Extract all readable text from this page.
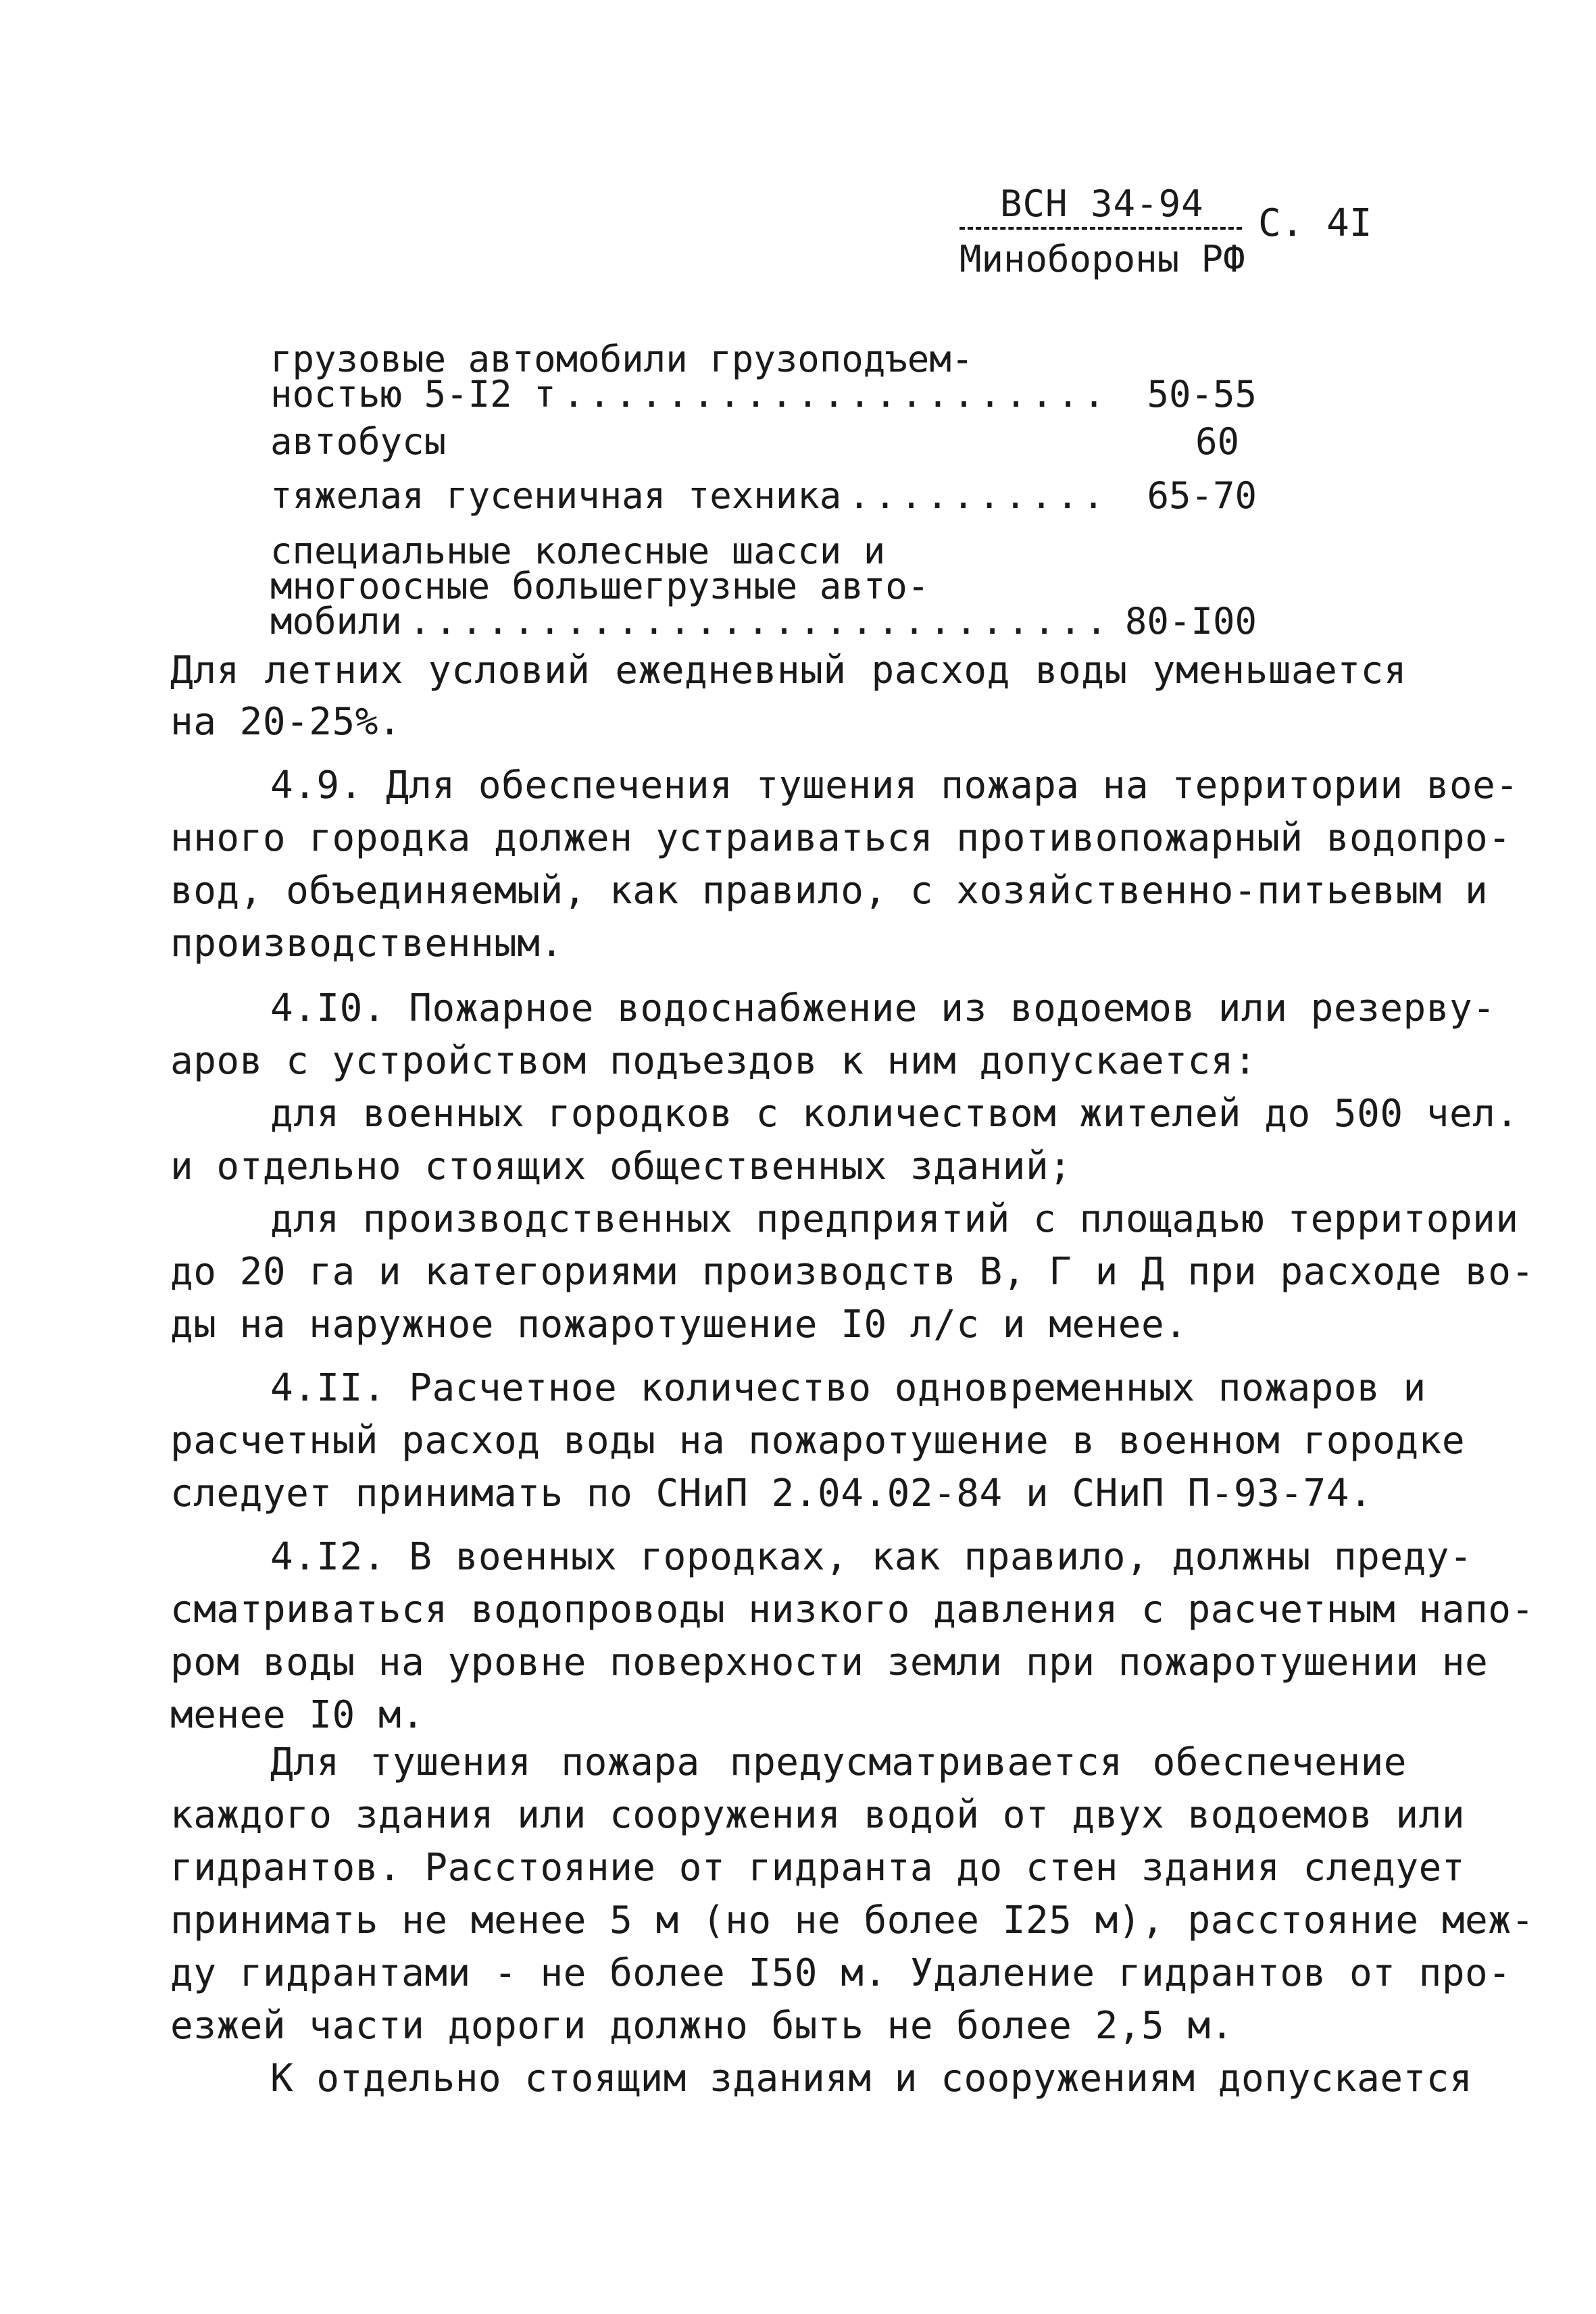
ВСН 34-94
Минобороны РФ
С. 4I
грузовые автомобили грузоподъем-
ностью 5-I2 т .....	50-55
автобусы	60
тяжелая гусеничная техника .....	65-70
специальные колесные шасси и
многоосные большегрузные авто-
мобили .....	80-I00
Для летних условий ежедневный расход воды уменьшается
на 20-25%.
4.9. Для обеспечения тушения пожара на территории вое-
нного городка должен устраиваться противопожарный водопро-
вод, объединяемый, как правило, с хозяйственно-питьевым и
производственным.
4.I0. Пожарное водоснабжение из водоемов или резерву-
аров с устройством подъездов к ним допускается:
для военных городков с количеством жителей до 500 чел.
и отдельно стоящих общественных зданий;
для производственных предприятий с площадью территории
до 20 га и категориями производств В, Г и Д при расходе во-
ды на наружное пожаротушение I0 л/с и менее.
4.II. Расчетное количество одновременных пожаров и
расчетный расход воды на пожаротушение в военном городке
следует принимать по СНиП 2.04.02-84 и СНиП П-93-74.
4.I2. В военных городках, как правило, должны преду-
сматриваться водопроводы низкого давления с расчетным напо-
ром воды на уровне поверхности земли при пожаротушении не
менее I0 м.
Для тушения пожара предусматривается обеспечение
каждого здания или сооружения водой от двух водоемов или
гидрантов. Расстояние от гидранта до стен здания следует
принимать не менее 5 м (но не более I25 м), расстояние меж-
ду гидрантами - не более I50 м. Удаление гидрантов от про-
езжей части дороги должно быть не более 2,5 м.
К отдельно стоящим зданиям и сооружениям допускается
